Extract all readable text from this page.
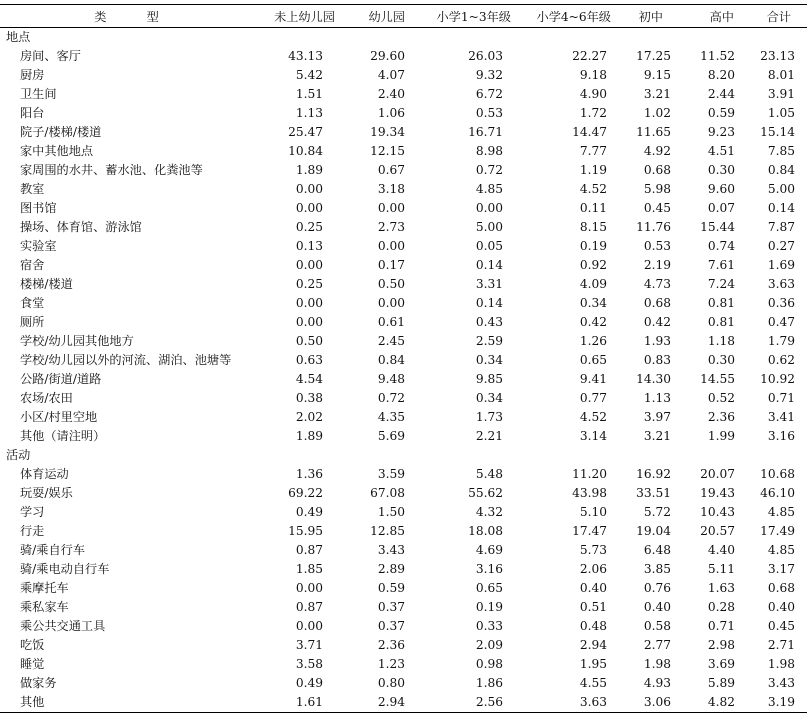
类　型	未上幼儿园	幼儿园	小学1~3年级	小学4~6年级	初中	高中	合计
地点							
房间、客厅	43.13	29.60	26.03	22.27	17.25	11.52	23.13
厨房	5.42	4.07	9.32	9.18	9.15	8.20	8.01
卫生间	1.51	2.40	6.72	4.90	3.21	2.44	3.91
阳台	1.13	1.06	0.53	1.72	1.02	0.59	1.05
院子/楼梯/楼道	25.47	19.34	16.71	14.47	11.65	9.23	15.14
家中其他地点	10.84	12.15	8.98	7.77	4.92	4.51	7.85
家周围的水井、蓄水池、化粪池等	1.89	0.67	0.72	1.19	0.68	0.30	0.84
教室	0.00	3.18	4.85	4.52	5.98	9.60	5.00
图书馆	0.00	0.00	0.00	0.11	0.45	0.07	0.14
操场、体育馆、游泳馆	0.25	2.73	5.00	8.15	11.76	15.44	7.87
实验室	0.13	0.00	0.05	0.19	0.53	0.74	0.27
宿舍	0.00	0.17	0.14	0.92	2.19	7.61	1.69
楼梯/楼道	0.25	0.50	3.31	4.09	4.73	7.24	3.63
食堂	0.00	0.00	0.14	0.34	0.68	0.81	0.36
厕所	0.00	0.61	0.43	0.42	0.42	0.81	0.47
学校/幼儿园其他地方	0.50	2.45	2.59	1.26	1.93	1.18	1.79
学校/幼儿园以外的河流、湖泊、池塘等	0.63	0.84	0.34	0.65	0.83	0.30	0.62
公路/街道/道路	4.54	9.48	9.85	9.41	14.30	14.55	10.92
农场/农田	0.38	0.72	0.34	0.77	1.13	0.52	0.71
小区/村里空地	2.02	4.35	1.73	4.52	3.97	2.36	3.41
其他（请注明）	1.89	5.69	2.21	3.14	3.21	1.99	3.16
活动							
体育运动	1.36	3.59	5.48	11.20	16.92	20.07	10.68
玩耍/娱乐	69.22	67.08	55.62	43.98	33.51	19.43	46.10
学习	0.49	1.50	4.32	5.10	5.72	10.43	4.85
行走	15.95	12.85	18.08	17.47	19.04	20.57	17.49
骑/乘自行车	0.87	3.43	4.69	5.73	6.48	4.40	4.85
骑/乘电动自行车	1.85	2.89	3.16	2.06	3.85	5.11	3.17
乘摩托车	0.00	0.59	0.65	0.40	0.76	1.63	0.68
乘私家车	0.87	0.37	0.19	0.51	0.40	0.28	0.40
乘公共交通工具	0.00	0.37	0.33	0.48	0.58	0.71	0.45
吃饭	3.71	2.36	2.09	2.94	2.77	2.98	2.71
睡觉	3.58	1.23	0.98	1.95	1.98	3.69	1.98
做家务	0.49	0.80	1.86	4.55	4.93	5.89	3.43
其他	1.61	2.94	2.56	3.63	3.06	4.82	3.19
